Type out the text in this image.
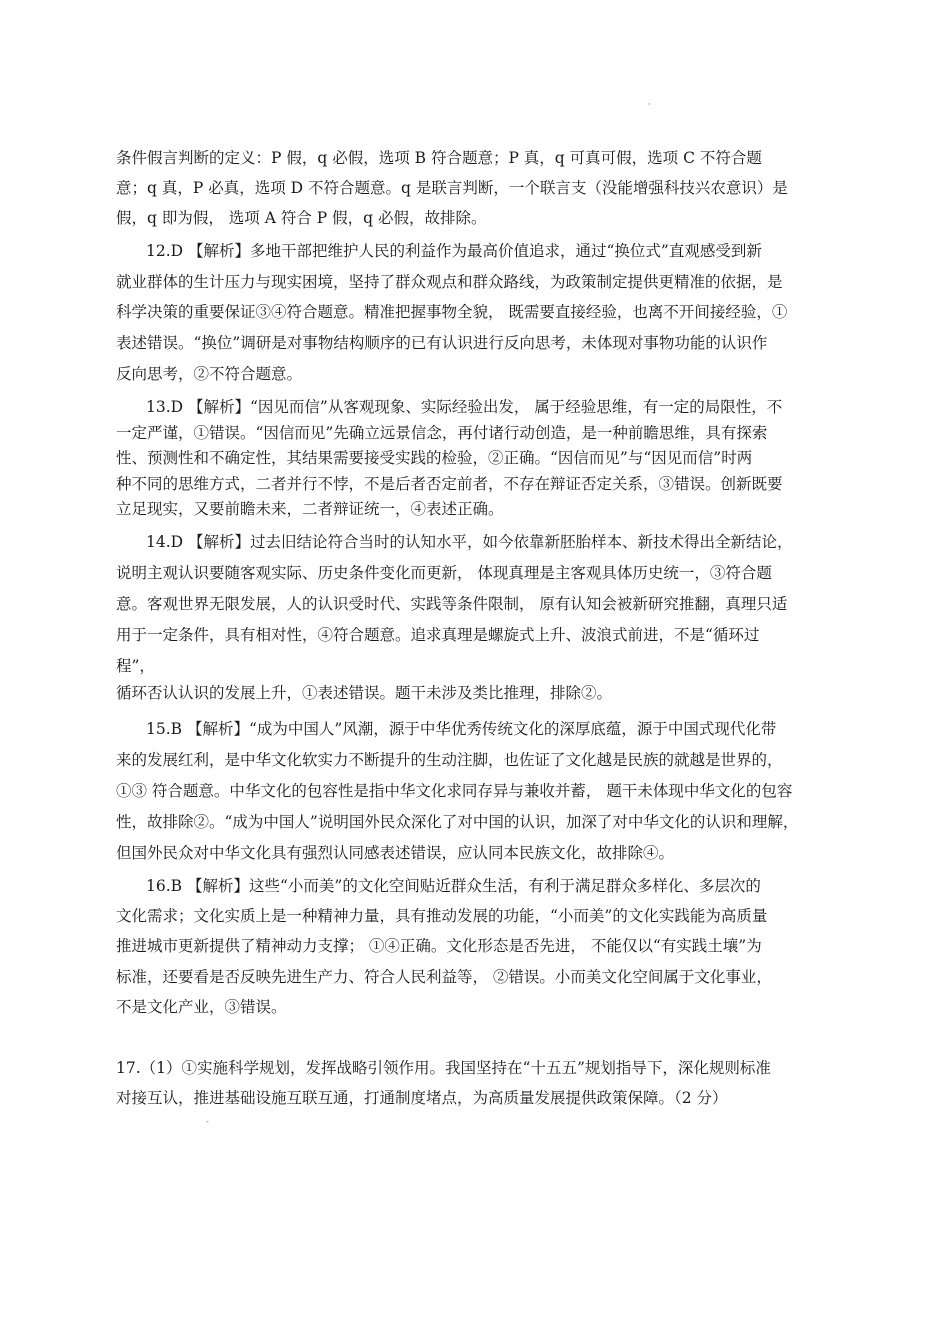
·
条件假言判断的定义：P 假，q 必假，选项 B 符合题意；P 真，q 可真可假，选项 C 不符合题
意；q 真，P 必真，选项 D 不符合题意。q 是联言判断，一个联言支（没能增强科技兴农意识）是
假，q 即为假， 选项 A 符合 P 假，q 必假，故排除。
12.D 【解析】多地干部把维护人民的利益作为最高价值追求，通过“换位式”直观感受到新
就业群体的生计压力与现实困境，坚持了群众观点和群众路线，为政策制定提供更精准的依据，是
科学决策的重要保证③④符合题意。精准把握事物全貌， 既需要直接经验，也离不开间接经验，①
表述错误。“换位”调研是对事物结构顺序的已有认识进行反向思考，未体现对事物功能的认识作
反向思考，②不符合题意。
13.D 【解析】“因见而信”从客观现象、实际经验出发， 属于经验思维，有一定的局限性，不
一定严谨，①错误。“因信而见”先确立远景信念，再付诸行动创造，是一种前瞻思维，具有探索
性、预测性和不确定性，其结果需要接受实践的检验，②正确。“因信而见”与“因见而信”时两
种不同的思维方式，二者并行不悖，不是后者否定前者，不存在辩证否定关系，③错误。创新既要
立足现实，又要前瞻未来，二者辩证统一，④表述正确。
14.D 【解析】过去旧结论符合当时的认知水平，如今依靠新胚胎样本、新技术得出全新结论，
说明主观认识要随客观实际、历史条件变化而更新， 体现真理是主客观具体历史统一，③符合题
意。客观世界无限发展，人的认识受时代、实践等条件限制， 原有认知会被新研究推翻，真理只适
用于一定条件，具有相对性，④符合题意。追求真理是螺旋式上升、波浪式前进，不是“循环过
程”，
循环否认认识的发展上升，①表述错误。题干未涉及类比推理，排除②。
15.B 【解析】“成为中国人”风潮，源于中华优秀传统文化的深厚底蕴，源于中国式现代化带
来的发展红利，是中华文化软实力不断提升的生动注脚，也佐证了文化越是民族的就越是世界的，
①③ 符合题意。中华文化的包容性是指中华文化求同存异与兼收并蓄， 题干未体现中华文化的包容
性，故排除②。“成为中国人”说明国外民众深化了对中国的认识，加深了对中华文化的认识和理解，
但国外民众对中华文化具有强烈认同感表述错误，应认同本民族文化，故排除④。
16.B 【解析】这些“小而美”的文化空间贴近群众生活，有利于满足群众多样化、多层次的
文化需求；文化实质上是一种精神力量，具有推动发展的功能，“小而美”的文化实践能为高质量
推进城市更新提供了精神动力支撑； ①④正确。文化形态是否先进， 不能仅以“有实践土壤”为
标准，还要看是否反映先进生产力、符合人民利益等， ②错误。小而美文化空间属于文化事业，
不是文化产业，③错误。
17.（1）①实施科学规划，发挥战略引领作用。我国坚持在“十五五”规划指导下，深化规则标准
对接互认，推进基础设施互联互通，打通制度堵点，为高质量发展提供政策保障。（2 分）
-
